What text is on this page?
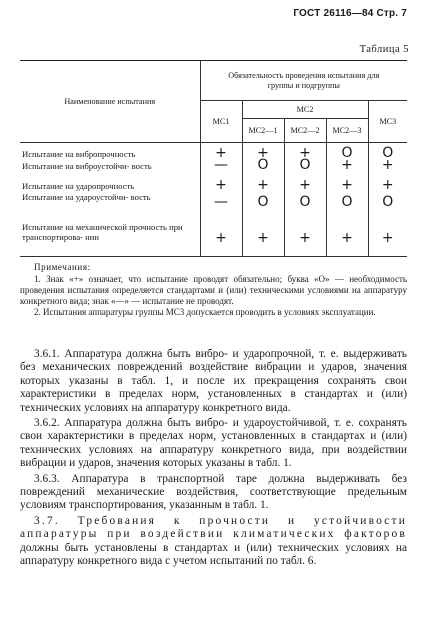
ГОСТ 26116—84 Стр. 7
Таблица 5
Наименование испытания	Обязательность проведения испытания для группы и подгруппы				
	МС1	МС2			МС3
		МС2—1	МС2—2	МС2—3	
Испытание на вибропрочность	+	+	+	O	O
Испытание на виброустойчи- вость	—	O	O	+	+
Испытание на ударопрочность	+	+	+	+	+
Испытание на удароустойчи- вость	—	O	O	O	O
Испытание на механической прочность при транспортирова- нии	+	+	+	+	+

Примечания:

1. Знак «+» означает, что испытание проводят обязательно; буква «О» — необходимость проведения испытания определяется стандартами и (или) техническими условиями на аппаратуру конкретного вида; знак «—» — испытание не проводят.

2. Испытания аппаратуры группы МС3 допускается проводить в условиях эксплуатации.

3.6.1. Аппаратура должна быть вибро- и ударопрочной, т. е. выдерживать без механических повреждений воздействие вибрации и ударов, значения которых указаны в табл. 1, и после их прекращения сохранять свои характеристики в пределах норм, установленных в стандартах и (или) технических условиях на аппаратуру конкретного вида.

3.6.2. Аппаратура должна быть вибро- и удароустойчивой, т. е. сохранять свои характеристики в пределах норм, установленных в стандартах и (или) технических условиях на аппаратуру конкретного вида, при воздействии вибрации и ударов, значения которых указаны в табл. 1.

3.6.3. Аппаратура в транспортной таре должна выдерживать без повреждений механические воздействия, соответствующие предельным условиям транспортирования, указанным в табл. 1.

3.7. Требования к прочности и устойчивости аппаратуры при воздействии климатических факторов должны быть установлены в стандартах и (или) технических условиях на аппаратуру конкретного вида с учетом испытаний по табл. 6.
